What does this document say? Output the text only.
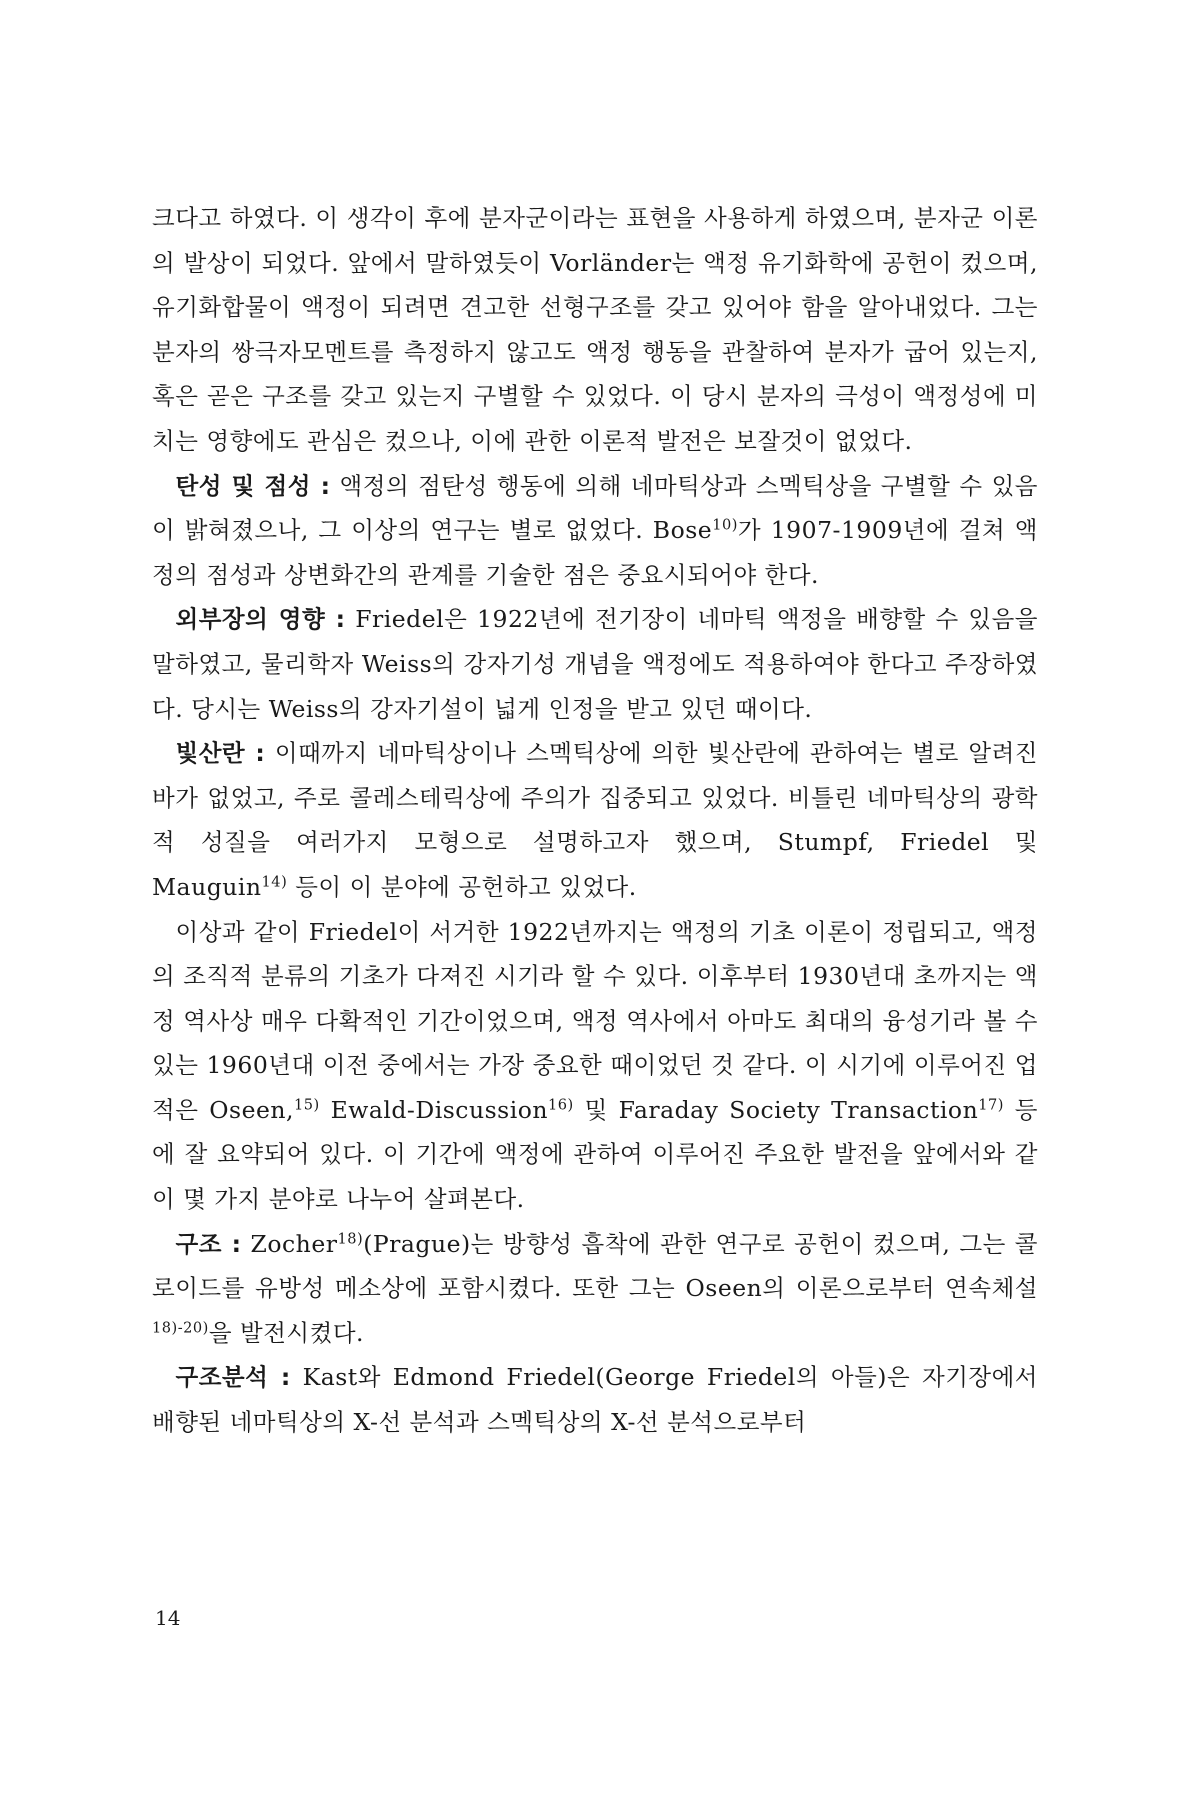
크다고 하였다. 이 생각이 후에 분자군이라는 표현을 사용하게 하였으며, 분자군 이론의 발상이 되었다. 앞에서 말하였듯이 Vorländer는 액정 유기화학에 공헌이 컸으며, 유기화합물이 액정이 되려면 견고한 선형구조를 갖고 있어야 함을 알아내었다. 그는 분자의 쌍극자모멘트를 측정하지 않고도 액정 행동을 관찰하여 분자가 굽어 있는지, 혹은 곧은 구조를 갖고 있는지 구별할 수 있었다. 이 당시 분자의 극성이 액정성에 미치는 영향에도 관심은 컸으나, 이에 관한 이론적 발전은 보잘것이 없었다.

탄성 및 점성 : 액정의 점탄성 행동에 의해 네마틱상과 스멕틱상을 구별할 수 있음이 밝혀졌으나, 그 이상의 연구는 별로 없었다. Bose$^{10)}$가 1907-1909년에 걸쳐 액정의 점성과 상변화간의 관계를 기술한 점은 중요시되어야 한다.

외부장의 영향 : Friedel은 1922년에 전기장이 네마틱 액정을 배향할 수 있음을 말하였고, 물리학자 Weiss의 강자기성 개념을 액정에도 적용하여야 한다고 주장하였다. 당시는 Weiss의 강자기설이 넓게 인정을 받고 있던 때이다.

빛산란 : 이때까지 네마틱상이나 스멕틱상에 의한 빛산란에 관하여는 별로 알려진 바가 없었고, 주로 콜레스테릭상에 주의가 집중되고 있었다. 비틀린 네마틱상의 광학적 성질을 여러가지 모형으로 설명하고자 했으며, Stumpf, Friedel 및 Mauguin$^{14)}$ 등이 이 분야에 공헌하고 있었다.

이상과 같이 Friedel이 서거한 1922년까지는 액정의 기초 이론이 정립되고, 액정의 조직적 분류의 기초가 다져진 시기라 할 수 있다. 이후부터 1930년대 초까지는 액정 역사상 매우 다확적인 기간이었으며, 액정 역사에서 아마도 최대의 융성기라 볼 수 있는 1960년대 이전 중에서는 가장 중요한 때이었던 것 같다. 이 시기에 이루어진 업적은 Oseen,$^{15)}$ Ewald-Discussion$^{16)}$ 및 Faraday Society Transaction$^{17)}$ 등에 잘 요약되어 있다. 이 기간에 액정에 관하여 이루어진 주요한 발전을 앞에서와 같이 몇 가지 분야로 나누어 살펴본다.

구조 : Zocher$^{18)}$(Prague)는 방향성 흡착에 관한 연구로 공헌이 컸으며, 그는 콜로이드를 유방성 메소상에 포함시켰다. 또한 그는 Oseen의 이론으로부터 연속체설$^{18)-20)}$을 발전시켰다.

구조분석 : Kast와 Edmond Friedel(George Friedel의 아들)은 자기장에서 배향된 네마틱상의 X-선 분석과 스멕틱상의 X-선 분석으로부터

14
